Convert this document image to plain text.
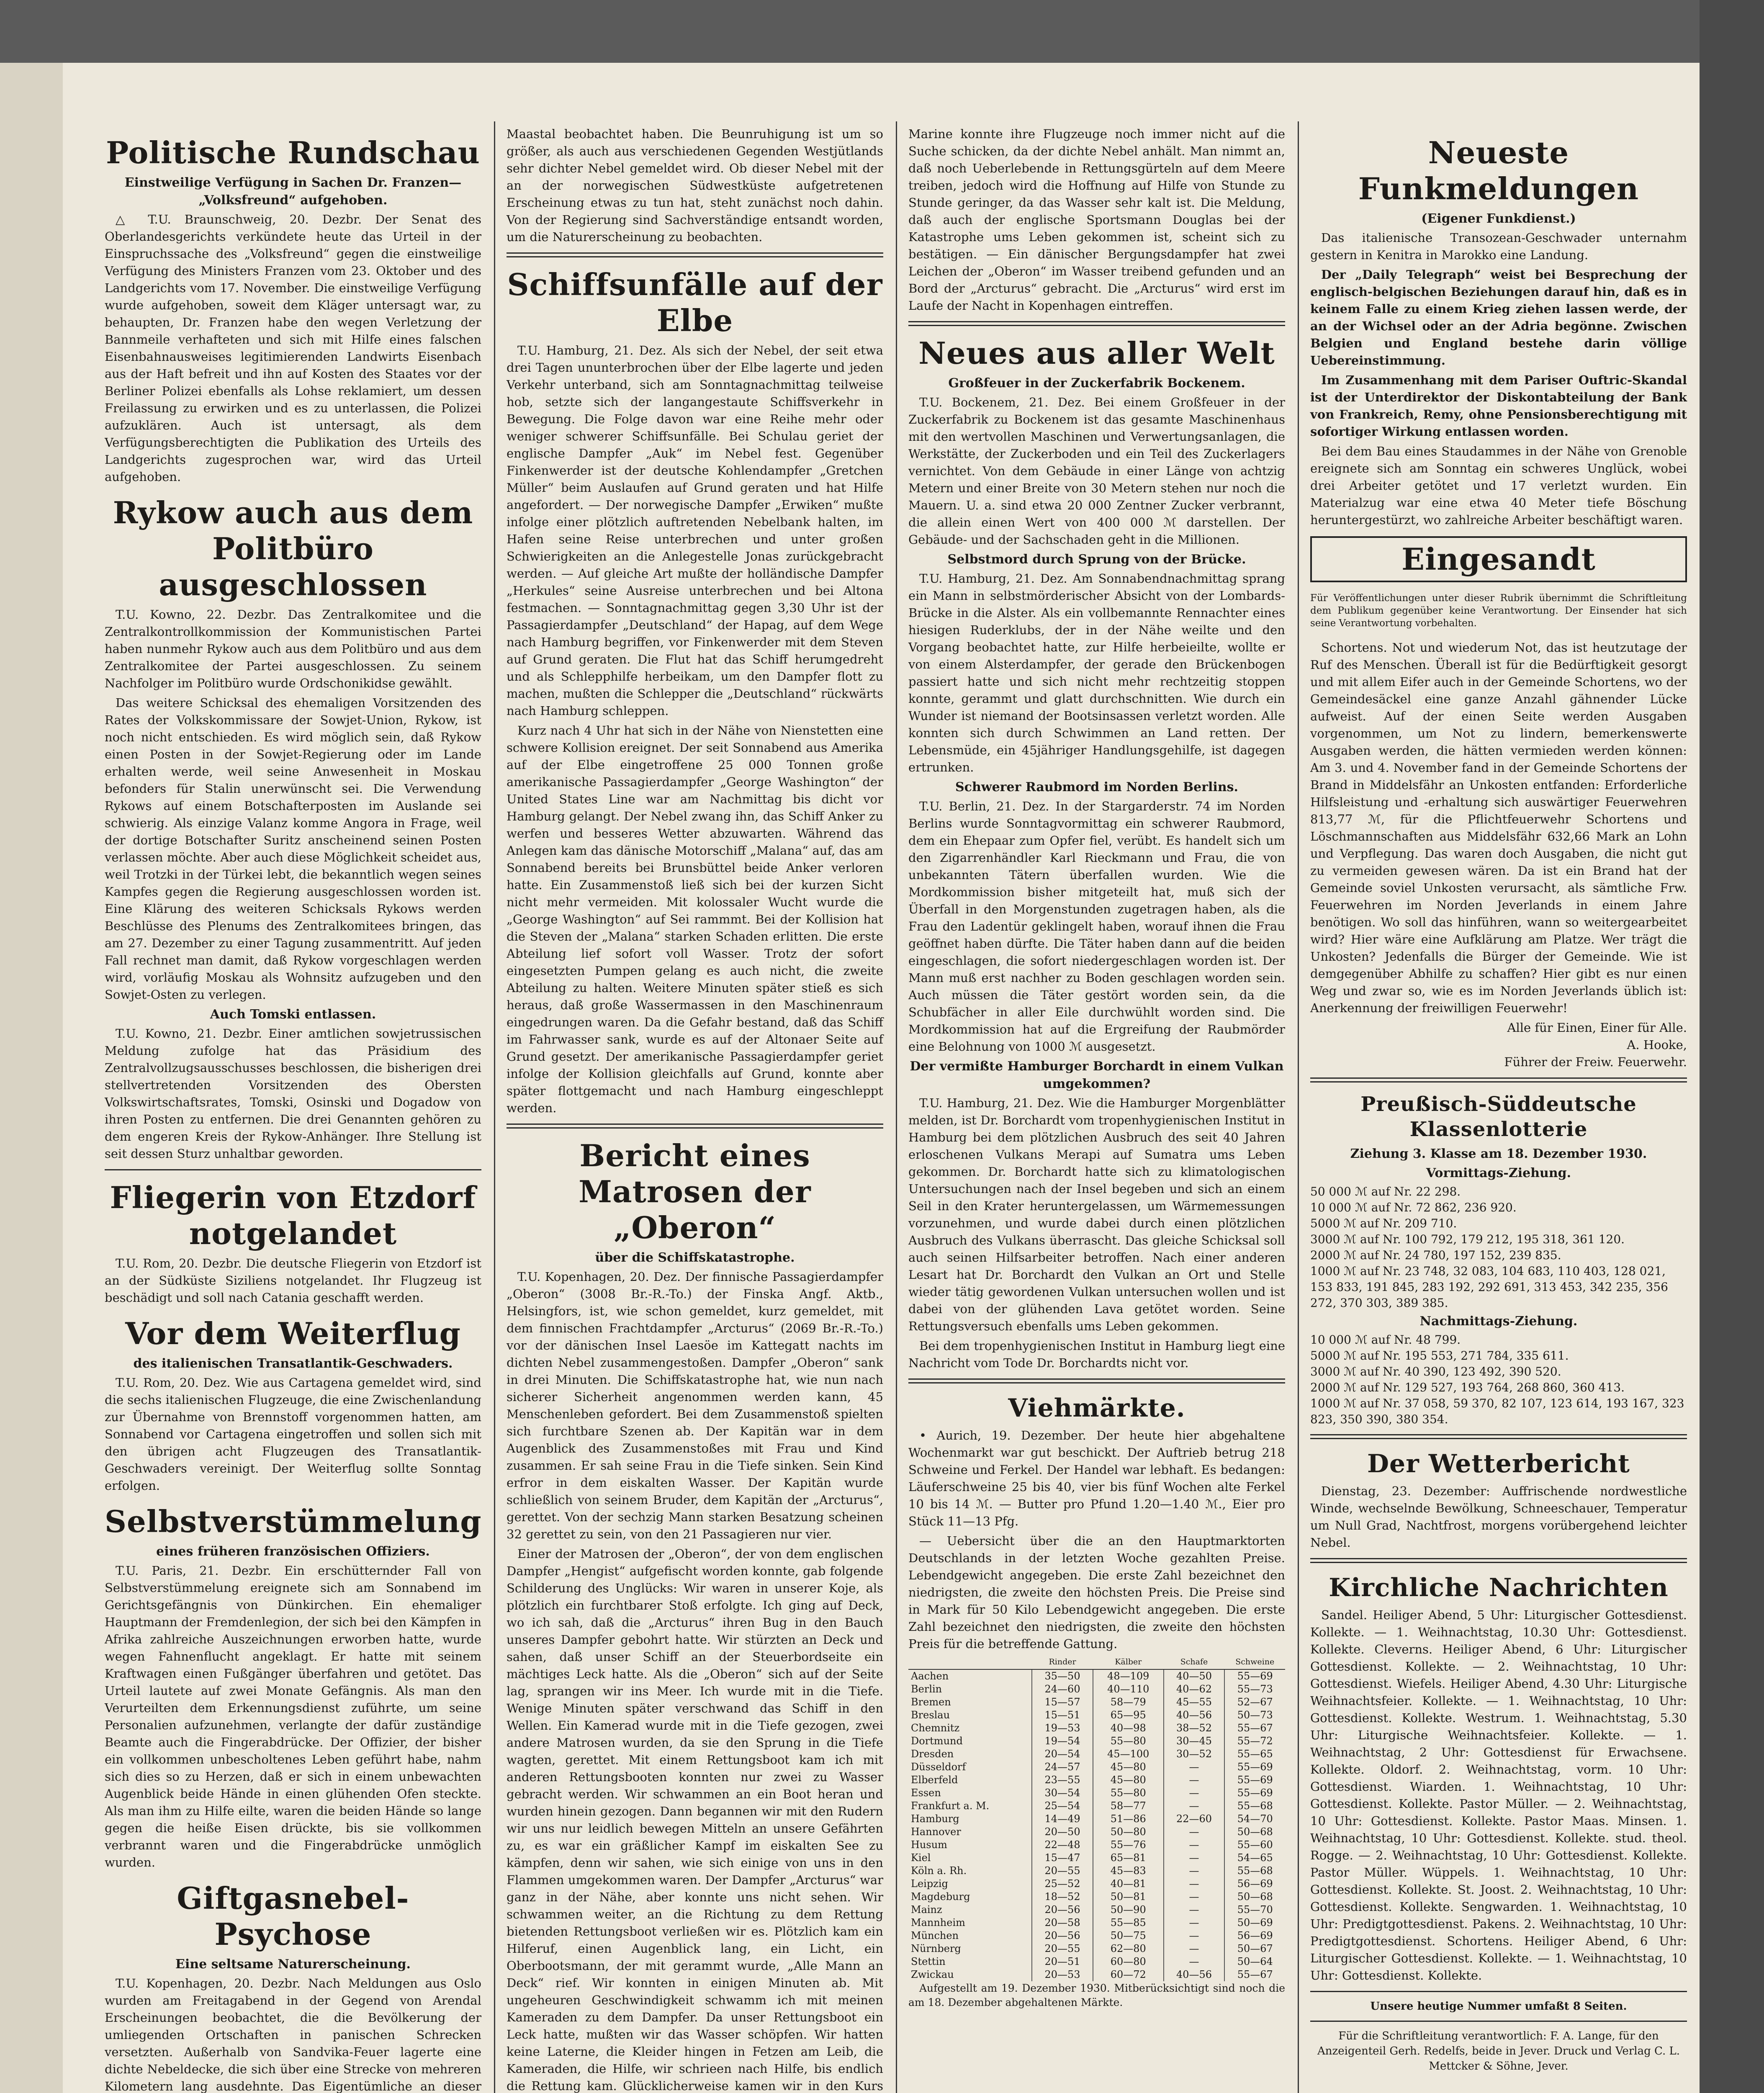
Politische Rundschau
Einstweilige Verfügung in Sachen Dr. Franzen—„Volksfreund“ aufgehoben.

△ T.U. Braunschweig, 20. Dezbr. Der Senat des Oberlandesgerichts verkündete heute das Urteil in der Einspruchssache des „Volksfreund“ gegen die einstweilige Verfügung des Ministers Franzen vom 23. Oktober und des Landgerichts vom 17. November. Die einstweilige Verfügung wurde aufgehoben, soweit dem Kläger untersagt war, zu behaupten, Dr. Franzen habe den wegen Verletzung der Bannmeile verhafteten und sich mit Hilfe eines falschen Eisenbahnausweises legitimierenden Landwirts Eisenbach aus der Haft befreit und ihn auf Kosten des Staates vor der Berliner Polizei ebenfalls als Lohse reklamiert, um dessen Freilassung zu erwirken und es zu unterlassen, die Polizei aufzuklären. Auch ist untersagt, als dem Verfügungsberechtigten die Publikation des Urteils des Landgerichts zugesprochen war, wird das Urteil aufgehoben.

Rykow auch aus dem Politbüro ausgeschlossen

T.U. Kowno, 22. Dezbr. Das Zentralkomitee und die Zentralkontrollkommission der Kommunistischen Partei haben nunmehr Rykow auch aus dem Politbüro und aus dem Zentralkomitee der Partei ausgeschlossen. Zu seinem Nachfolger im Politbüro wurde Ordschonikidse gewählt.

Das weitere Schicksal des ehemaligen Vorsitzenden des Rates der Volkskommissare der Sowjet-Union, Rykow, ist noch nicht entschieden. Es wird möglich sein, daß Rykow einen Posten in der Sowjet-Regierung oder im Lande erhalten werde, weil seine Anwesenheit in Moskau befonders für Stalin unerwünscht sei. Die Verwendung Rykows auf einem Botschafterposten im Auslande sei schwierig. Als einzige Valanz komme Angora in Frage, weil der dortige Botschafter Suritz anscheinend seinen Posten verlassen möchte. Aber auch diese Möglichkeit scheidet aus, weil Trotzki in der Türkei lebt, die bekanntlich wegen seines Kampfes gegen die Regierung ausgeschlossen worden ist. Eine Klärung des weiteren Schicksals Rykows werden Beschlüsse des Plenums des Zentralkomitees bringen, das am 27. Dezember zu einer Tagung zusammentritt. Auf jeden Fall rechnet man damit, daß Rykow vorgeschlagen werden wird, vorläufig Moskau als Wohnsitz aufzugeben und den Sowjet-Osten zu verlegen.

Auch Tomski entlassen.

T.U. Kowno, 21. Dezbr. Einer amtlichen sowjetrussischen Meldung zufolge hat das Präsidium des Zentralvollzugsausschusses beschlossen, die bisherigen drei stellvertretenden Vorsitzenden des Obersten Volkswirtschaftsrates, Tomski, Osinski und Dogadow von ihren Posten zu entfernen. Die drei Genannten gehören zu dem engeren Kreis der Rykow-Anhänger. Ihre Stellung ist seit dessen Sturz unhaltbar geworden.

Fliegerin von Etzdorf notgelandet

T.U. Rom, 20. Dezbr. Die deutsche Fliegerin von Etzdorf ist an der Südküste Siziliens notgelandet. Ihr Flugzeug ist beschädigt und soll nach Catania geschafft werden.

Vor dem Weiterflug
des italienischen Transatlantik-Geschwaders.

T.U. Rom, 20. Dez. Wie aus Cartagena gemeldet wird, sind die sechs italienischen Flugzeuge, die eine Zwischenlandung zur Übernahme von Brennstoff vorgenommen hatten, am Sonnabend vor Cartagena eingetroffen und sollen sich mit den übrigen acht Flugzeugen des Transatlantik-Geschwaders vereinigt. Der Weiterflug sollte Sonntag erfolgen.

Selbstverstümmelung
eines früheren französischen Offiziers.

T.U. Paris, 21. Dezbr. Ein erschütternder Fall von Selbstverstümmelung ereignete sich am Sonnabend im Gerichtsgefängnis von Dünkirchen. Ein ehemaliger Hauptmann der Fremdenlegion, der sich bei den Kämpfen in Afrika zahlreiche Auszeichnungen erworben hatte, wurde wegen Fahnenflucht angeklagt. Er hatte mit seinem Kraftwagen einen Fußgänger überfahren und getötet. Das Urteil lautete auf zwei Monate Gefängnis. Als man den Verurteilten dem Erkennungsdienst zuführte, um seine Personalien aufzunehmen, verlangte der dafür zuständige Beamte auch die Fingerabdrücke. Der Offizier, der bisher ein vollkommen unbescholtenes Leben geführt habe, nahm sich dies so zu Herzen, daß er sich in einem unbewachten Augenblick beide Hände in einen glühenden Ofen steckte. Als man ihm zu Hilfe eilte, waren die beiden Hände so lange gegen die heiße Eisen drückte, bis sie vollkommen verbrannt waren und die Fingerabdrücke unmöglich wurden.

Giftgasnebel-Psychose
Eine seltsame Naturerscheinung.

T.U. Kopenhagen, 20. Dezbr. Nach Meldungen aus Oslo wurden am Freitagabend in der Gegend von Arendal Erscheinungen beobachtet, die die Bevölkerung der umliegenden Ortschaften in panischen Schrecken versetzten. Außerhalb von Sandvika-Feuer lagerte eine dichte Nebeldecke, die sich über eine Strecke von mehreren Kilometern lang ausdehnte. Das Eigentümliche an dieser

Maastal beobachtet haben. Die Beunruhigung ist um so größer, als auch aus verschiedenen Gegenden Westjütlands sehr dichter Nebel gemeldet wird. Ob dieser Nebel mit der an der norwegischen Südwestküste aufgetretenen Erscheinung etwas zu tun hat, steht zunächst noch dahin. Von der Regierung sind Sachverständige entsandt worden, um die Naturerscheinung zu beobachten.

Schiffsunfälle auf der Elbe

T.U. Hamburg, 21. Dez. Als sich der Nebel, der seit etwa drei Tagen ununterbrochen über der Elbe lagerte und jeden Verkehr unterband, sich am Sonntagnachmittag teilweise hob, setzte sich der langangestaute Schiffsverkehr in Bewegung. Die Folge davon war eine Reihe mehr oder weniger schwerer Schiffsunfälle. Bei Schulau geriet der englische Dampfer „Auk“ im Nebel fest. Gegenüber Finkenwerder ist der deutsche Kohlendampfer „Gretchen Müller“ beim Auslaufen auf Grund geraten und hat Hilfe angefordert. — Der norwegische Dampfer „Erwiken“ mußte infolge einer plötzlich auftretenden Nebelbank halten, im Hafen seine Reise unterbrechen und unter großen Schwierigkeiten an die Anlegestelle Jonas zurückgebracht werden. — Auf gleiche Art mußte der holländische Dampfer „Herkules“ seine Ausreise unterbrechen und bei Altona festmachen. — Sonntagnachmittag gegen 3,30 Uhr ist der Passagierdampfer „Deutschland“ der Hapag, auf dem Wege nach Hamburg begriffen, vor Finkenwerder mit dem Steven auf Grund geraten. Die Flut hat das Schiff herumgedreht und als Schlepphilfe herbeikam, um den Dampfer flott zu machen, mußten die Schlepper die „Deutschland“ rückwärts nach Hamburg schleppen.

Kurz nach 4 Uhr hat sich in der Nähe von Nienstetten eine schwere Kollision ereignet. Der seit Sonnabend aus Amerika auf der Elbe eingetroffene 25 000 Tonnen große amerikanische Passagierdampfer „George Washington“ der United States Line war am Nachmittag bis dicht vor Hamburg gelangt. Der Nebel zwang ihn, das Schiff Anker zu werfen und besseres Wetter abzuwarten. Während das Anlegen kam das dänische Motorschiff „Malana“ auf, das am Sonnabend bereits bei Brunsbüttel beide Anker verloren hatte. Ein Zusammenstoß ließ sich bei der kurzen Sicht nicht mehr vermeiden. Mit kolossaler Wucht wurde die „George Washington“ auf Sei rammmt. Bei der Kollision hat die Steven der „Malana“ starken Schaden erlitten. Die erste Abteilung lief sofort voll Wasser. Trotz der sofort eingesetzten Pumpen gelang es auch nicht, die zweite Abteilung zu halten. Weitere Minuten später stieß es sich heraus, daß große Wassermassen in den Maschinenraum eingedrungen waren. Da die Gefahr bestand, daß das Schiff im Fahrwasser sank, wurde es auf der Altonaer Seite auf Grund gesetzt. Der amerikanische Passagierdampfer geriet infolge der Kollision gleichfalls auf Grund, konnte aber später flottgemacht und nach Hamburg eingeschleppt werden.

Bericht eines Matrosen der „Oberon“
über die Schiffskatastrophe.

T.U. Kopenhagen, 20. Dez. Der finnische Passagierdampfer „Oberon“ (3008 Br.-R.-To.) der Finska Angf. Aktb., Helsingfors, ist, wie schon gemeldet, kurz gemeldet, mit dem finnischen Frachtdampfer „Arcturus“ (2069 Br.-R.-To.) vor der dänischen Insel Laesöe im Kattegatt nachts im dichten Nebel zusammengestoßen. Dampfer „Oberon“ sank in drei Minuten. Die Schiffskatastrophe hat, wie nun nach sicherer Sicherheit angenommen werden kann, 45 Menschenleben gefordert. Bei dem Zusammenstoß spielten sich furchtbare Szenen ab. Der Kapitän war in dem Augenblick des Zusammenstoßes mit Frau und Kind zusammen. Er sah seine Frau in die Tiefe sinken. Sein Kind erfror in dem eiskalten Wasser. Der Kapitän wurde schließlich von seinem Bruder, dem Kapitän der „Arcturus“, gerettet. Von der sechzig Mann starken Besatzung scheinen 32 gerettet zu sein, von den 21 Passagieren nur vier.

Einer der Matrosen der „Oberon“, der von dem englischen Dampfer „Hengist“ aufgefischt worden konnte, gab folgende Schilderung des Unglücks: Wir waren in unserer Koje, als plötzlich ein furchtbarer Stoß erfolgte. Ich ging auf Deck, wo ich sah, daß die „Arcturus“ ihren Bug in den Bauch unseres Dampfer gebohrt hatte. Wir stürzten an Deck und sahen, daß unser Schiff an der Steuerbordseite ein mächtiges Leck hatte. Als die „Oberon“ sich auf der Seite lag, sprangen wir ins Meer. Ich wurde mit in die Tiefe. Wenige Minuten später verschwand das Schiff in den Wellen. Ein Kamerad wurde mit in die Tiefe gezogen, zwei andere Matrosen wurden, da sie den Sprung in die Tiefe wagten, gerettet. Mit einem Rettungsboot kam ich mit anderen Rettungsbooten konnten nur zwei zu Wasser gebracht werden. Wir schwammen an ein Boot heran und wurden hinein gezogen. Dann begannen wir mit den Rudern wir uns nur leidlich bewegen Mitteln an unsere Gefährten zu, es war ein gräßlicher Kampf im eiskalten See zu kämpfen, denn wir sahen, wie sich einige von uns in den Flammen umgekommen waren. Der Dampfer „Arcturus“ war ganz in der Nähe, aber konnte uns nicht sehen. Wir schwammen weiter, an die Richtung zu dem Rettung bietenden Rettungsboot verließen wir es. Plötzlich kam ein Hilferuf, einen Augenblick lang, ein Licht, ein Oberbootsmann, der mit gerammt wurde, „Alle Mann an Deck“ rief. Wir konnten in einigen Minuten ab. Mit ungeheuren Geschwindigkeit schwamm ich mit meinen Kameraden zu dem Dampfer. Da unser Rettungsboot ein Leck hatte, mußten wir das Wasser schöpfen. Wir hatten keine Laterne, die Kleider hingen in Fetzen am Leib, die Kameraden, die Hilfe, wir schrieen nach Hilfe, bis endlich die Rettung kam. Glücklicherweise kamen wir in den Kurs

Marine konnte ihre Flugzeuge noch immer nicht auf die Suche schicken, da der dichte Nebel anhält. Man nimmt an, daß noch Ueberlebende in Rettungsgürteln auf dem Meere treiben, jedoch wird die Hoffnung auf Hilfe von Stunde zu Stunde geringer, da das Wasser sehr kalt ist. Die Meldung, daß auch der englische Sportsmann Douglas bei der Katastrophe ums Leben gekommen ist, scheint sich zu bestätigen. — Ein dänischer Bergungsdampfer hat zwei Leichen der „Oberon“ im Wasser treibend gefunden und an Bord der „Arcturus“ gebracht. Die „Arcturus“ wird erst im Laufe der Nacht in Kopenhagen eintreffen.

Neues aus aller Welt
Großfeuer in der Zuckerfabrik Bockenem.

T.U. Bockenem, 21. Dez. Bei einem Großfeuer in der Zuckerfabrik zu Bockenem ist das gesamte Maschinenhaus mit den wertvollen Maschinen und Verwertungsanlagen, die Werkstätte, der Zuckerboden und ein Teil des Zuckerlagers vernichtet. Von dem Gebäude in einer Länge von achtzig Metern und einer Breite von 30 Metern stehen nur noch die Mauern. U. a. sind etwa 20 000 Zentner Zucker verbrannt, die allein einen Wert von 400 000 ℳ darstellen. Der Gebäude- und der Sachschaden geht in die Millionen.

Selbstmord durch Sprung von der Brücke.

T.U. Hamburg, 21. Dez. Am Sonnabendnachmittag sprang ein Mann in selbstmörderischer Absicht von der Lombards-Brücke in die Alster. Als ein vollbemannte Rennachter eines hiesigen Ruderklubs, der in der Nähe weilte und den Vorgang beobachtet hatte, zur Hilfe herbeieilte, wollte er von einem Alsterdampfer, der gerade den Brückenbogen passiert hatte und sich nicht mehr rechtzeitig stoppen konnte, gerammt und glatt durchschnitten. Wie durch ein Wunder ist niemand der Bootsinsassen verletzt worden. Alle konnten sich durch Schwimmen an Land retten. Der Lebensmüde, ein 45jähriger Handlungsgehilfe, ist dagegen ertrunken.

Schwerer Raubmord im Norden Berlins.

T.U. Berlin, 21. Dez. In der Stargarderstr. 74 im Norden Berlins wurde Sonntagvormittag ein schwerer Raubmord, dem ein Ehepaar zum Opfer fiel, verübt. Es handelt sich um den Zigarrenhändler Karl Rieckmann und Frau, die von unbekannten Tätern überfallen wurden. Wie die Mordkommission bisher mitgeteilt hat, muß sich der Überfall in den Morgenstunden zugetragen haben, als die Frau den Ladentür geklingelt haben, worauf ihnen die Frau geöffnet haben dürfte. Die Täter haben dann auf die beiden eingeschlagen, die sofort niedergeschlagen worden ist. Der Mann muß erst nachher zu Boden geschlagen worden sein. Auch müssen die Täter gestört worden sein, da die Schubfächer in aller Eile durchwühlt worden sind. Die Mordkommission hat auf die Ergreifung der Raubmörder eine Belohnung von 1000 ℳ ausgesetzt.

Der vermißte Hamburger Borchardt in einem Vulkan umgekommen?

T.U. Hamburg, 21. Dez. Wie die Hamburger Morgenblätter melden, ist Dr. Borchardt vom tropenhygienischen Institut in Hamburg bei dem plötzlichen Ausbruch des seit 40 Jahren erloschenen Vulkans Merapi auf Sumatra ums Leben gekommen. Dr. Borchardt hatte sich zu klimatologischen Untersuchungen nach der Insel begeben und sich an einem Seil in den Krater heruntergelassen, um Wärmemessungen vorzunehmen, und wurde dabei durch einen plötzlichen Ausbruch des Vulkans überrascht. Das gleiche Schicksal soll auch seinen Hilfsarbeiter betroffen. Nach einer anderen Lesart hat Dr. Borchardt den Vulkan an Ort und Stelle wieder tätig gewordenen Vulkan untersuchen wollen und ist dabei von der glühenden Lava getötet worden. Seine Rettungsversuch ebenfalls ums Leben gekommen.

Bei dem tropenhygienischen Institut in Hamburg liegt eine Nachricht vom Tode Dr. Borchardts nicht vor.

Viehmärkte.

• Aurich, 19. Dezember. Der heute hier abgehaltene Wochenmarkt war gut beschickt. Der Auftrieb betrug 218 Schweine und Ferkel. Der Handel war lebhaft. Es bedangen: Läuferschweine 25 bis 40, vier bis fünf Wochen alte Ferkel 10 bis 14 ℳ. — Butter pro Pfund 1.20—1.40 ℳ., Eier pro Stück 11—13 Pfg.

— Uebersicht über die an den Hauptmarktorten Deutschlands in der letzten Woche gezahlten Preise. Lebendgewicht angegeben. Die erste Zahl bezeichnet den niedrigsten, die zweite den höchsten Preis. Die Preise sind in Mark für 50 Kilo Lebendgewicht angegeben. Die erste Zahl bezeichnet den niedrigsten, die zweite den höchsten Preis für die betreffende Gattung.

	Rinder	Kälber	Schafe	Schweine
Aachen	35—50	48—109	40—50	55—69
Berlin	24—60	40—110	40—62	55—73
Bremen	15—57	58—79	45—55	52—67
Breslau	15—51	65—95	40—56	50—73
Chemnitz	19—53	40—98	38—52	55—67
Dortmund	19—54	55—80	30—45	55—72
Dresden	20—54	45—100	30—52	55—65
Düsseldorf	24—57	45—80	—	55—69
Elberfeld	23—55	45—80	—	55—69
Essen	30—54	55—80	—	55—69
Frankfurt a. M.	25—54	58—77	—	55—68
Hamburg	14—49	51—86	22—60	54—70
Hannover	20—50	50—80	—	50—68
Husum	22—48	55—76	—	55—60
Kiel	15—47	65—81	—	54—65
Köln a. Rh.	20—55	45—83	—	55—68
Leipzig	25—52	40—81	—	56—69
Magdeburg	18—52	50—81	—	50—68
Mainz	20—56	50—90	—	55—70
Mannheim	20—58	55—85	—	50—69
München	20—56	50—75	—	56—69
Nürnberg	20—55	62—80	—	50—67
Stettin	20—51	60—80	—	50—64
Zwickau	20—53	60—72	40—56	55—67

Aufgestellt am 19. Dezember 1930. Mitberücksichtigt sind noch die am 18. Dezember abgehaltenen Märkte.

Neueste Funkmeldungen
(Eigener Funkdienst.)

Das italienische Transozean-Geschwader unternahm gestern in Kenitra in Marokko eine Landung.

Der „Daily Telegraph“ weist bei Besprechung der englisch-belgischen Beziehungen darauf hin, daß es in keinem Falle zu einem Krieg ziehen lassen werde, der an der Wichsel oder an der Adria begönne. Zwischen Belgien und England bestehe darin völlige Uebereinstimmung.

Im Zusammenhang mit dem Pariser Ouftric-Skandal ist der Unterdirektor der Diskontabteilung der Bank von Frankreich, Remy, ohne Pensionsberechtigung mit sofortiger Wirkung entlassen worden.

Bei dem Bau eines Staudammes in der Nähe von Grenoble ereignete sich am Sonntag ein schweres Unglück, wobei drei Arbeiter getötet und 17 verletzt wurden. Ein Materialzug war eine etwa 40 Meter tiefe Böschung heruntergestürzt, wo zahlreiche Arbeiter beschäftigt waren.

Eingesandt

Für Veröffentlichungen unter dieser Rubrik übernimmt die Schriftleitung dem Publikum gegenüber keine Verantwortung. Der Einsender hat sich seine Verantwortung vorbehalten.

Schortens. Not und wiederum Not, das ist heutzutage der Ruf des Menschen. Überall ist für die Bedürftigkeit gesorgt und mit allem Eifer auch in der Gemeinde Schortens, wo der Gemeindesäckel eine ganze Anzahl gähnender Lücke aufweist. Auf der einen Seite werden Ausgaben vorgenommen, um Not zu lindern, bemerkenswerte Ausgaben werden, die hätten vermieden werden können: Am 3. und 4. November fand in der Gemeinde Schortens der Brand in Middelsfähr an Unkosten entfanden: Erforderliche Hilfsleistung und -erhaltung sich auswärtiger Feuerwehren 813,77 ℳ, für die Pflichtfeuerwehr Schortens und Löschmannschaften aus Middelsfähr 632,66 Mark an Lohn und Verpflegung. Das waren doch Ausgaben, die nicht gut zu vermeiden gewesen wären. Da ist ein Brand hat der Gemeinde soviel Unkosten verursacht, als sämtliche Frw. Feuerwehren im Norden Jeverlands in einem Jahre benötigen. Wo soll das hinführen, wann so weitergearbeitet wird? Hier wäre eine Aufklärung am Platze. Wer trägt die Unkosten? Jedenfalls die Bürger der Gemeinde. Wie ist demgegenüber Abhilfe zu schaffen? Hier gibt es nur einen Weg und zwar so, wie es im Norden Jeverlands üblich ist: Anerkennung der freiwilligen Feuerwehr!

Alle für Einen, Einer für Alle.

A. Hooke,

Führer der Freiw. Feuerwehr.

Preußisch-Süddeutsche Klassenlotterie
Ziehung 3. Klasse am 18. Dezember 1930.
Vormittags-Ziehung.

50 000 ℳ auf Nr. 22 298.

10 000 ℳ auf Nr. 72 862, 236 920.

5000 ℳ auf Nr. 209 710.

3000 ℳ auf Nr. 100 792, 179 212, 195 318, 361 120.

2000 ℳ auf Nr. 24 780, 197 152, 239 835.

1000 ℳ auf Nr. 23 748, 32 083, 104 683, 110 403, 128 021, 153 833, 191 845, 283 192, 292 691, 313 453, 342 235, 356 272, 370 303, 389 385.

Nachmittags-Ziehung.

10 000 ℳ auf Nr. 48 799.

5000 ℳ auf Nr. 195 553, 271 784, 335 611.

3000 ℳ auf Nr. 40 390, 123 492, 390 520.

2000 ℳ auf Nr. 129 527, 193 764, 268 860, 360 413.

1000 ℳ auf Nr. 37 058, 59 370, 82 107, 123 614, 193 167, 323 823, 350 390, 380 354.

Der Wetterbericht

Dienstag, 23. Dezember: Auffrischende nordwestliche Winde, wechselnde Bewölkung, Schneeschauer, Temperatur um Null Grad, Nachtfrost, morgens vorübergehend leichter Nebel.

Kirchliche Nachrichten

Sandel. Heiliger Abend, 5 Uhr: Liturgischer Gottesdienst. Kollekte. — 1. Weihnachtstag, 10.30 Uhr: Gottesdienst. Kollekte. Cleverns. Heiliger Abend, 6 Uhr: Liturgischer Gottesdienst. Kollekte. — 2. Weihnachtstag, 10 Uhr: Gottesdienst. Wiefels. Heiliger Abend, 4.30 Uhr: Liturgische Weihnachtsfeier. Kollekte. — 1. Weihnachtstag, 10 Uhr: Gottesdienst. Kollekte. Westrum. 1. Weihnachtstag, 5.30 Uhr: Liturgische Weihnachtsfeier. Kollekte. — 1. Weihnachtstag, 2 Uhr: Gottesdienst für Erwachsene. Kollekte. Oldorf. 2. Weihnachtstag, vorm. 10 Uhr: Gottesdienst. Wiarden. 1. Weihnachtstag, 10 Uhr: Gottesdienst. Kollekte. Pastor Müller. — 2. Weihnachtstag, 10 Uhr: Gottesdienst. Kollekte. Pastor Maas. Minsen. 1. Weihnachtstag, 10 Uhr: Gottesdienst. Kollekte. stud. theol. Rogge. — 2. Weihnachtstag, 10 Uhr: Gottesdienst. Kollekte. Pastor Müller. Wüppels. 1. Weihnachtstag, 10 Uhr: Gottesdienst. Kollekte. St. Joost. 2. Weihnachtstag, 10 Uhr: Gottesdienst. Kollekte. Sengwarden. 1. Weihnachtstag, 10 Uhr: Predigtgottesdienst. Pakens. 2. Weihnachtstag, 10 Uhr: Predigtgottesdienst. Schortens. Heiliger Abend, 6 Uhr: Liturgischer Gottesdienst. Kollekte. — 1. Weihnachtstag, 10 Uhr: Gottesdienst. Kollekte.

Unsere heutige Nummer umfaßt 8 Seiten.

Für die Schriftleitung verantwortlich: F. A. Lange, für den Anzeigenteil Gerh. Redelfs, beide in Jever. Druck und Verlag C. L. Mettcker & Söhne, Jever.
